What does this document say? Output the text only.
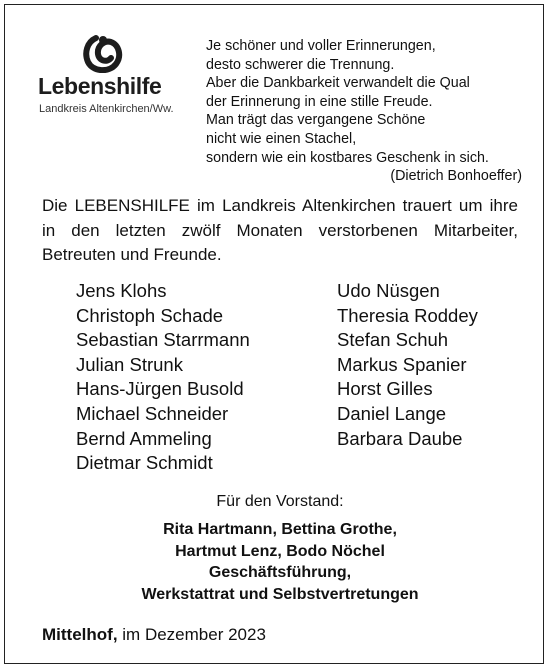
Lebenshilfe
Landkreis Altenkirchen/Ww.
Je schöner und voller Erinnerungen,
desto schwerer die Trennung.
Aber die Dankbarkeit verwandelt die Qual
der Erinnerung in eine stille Freude.
Man trägt das vergangene Schöne
nicht wie einen Stachel,
sondern wie ein kostbares Geschenk in sich.
(Dietrich Bonhoeffer)
Die LEBENSHILFE im Landkreis Altenkirchen trauert um ihre in den letzten zwölf Monaten verstorbenen Mitarbeiter, Betreuten und Freunde.
Jens Klohs
Christoph Schade
Sebastian Starrmann
Julian Strunk
Hans-Jürgen Busold
Michael Schneider
Bernd Ammeling
Dietmar Schmidt
Udo Nüsgen
Theresia Roddey
Stefan Schuh
Markus Spanier
Horst Gilles
Daniel Lange
Barbara Daube
Für den Vorstand:
Rita Hartmann, Bettina Grothe,
Hartmut Lenz, Bodo Nöchel
Geschäftsführung,
Werkstattrat und Selbstvertretungen
Mittelhof, im Dezember 2023
